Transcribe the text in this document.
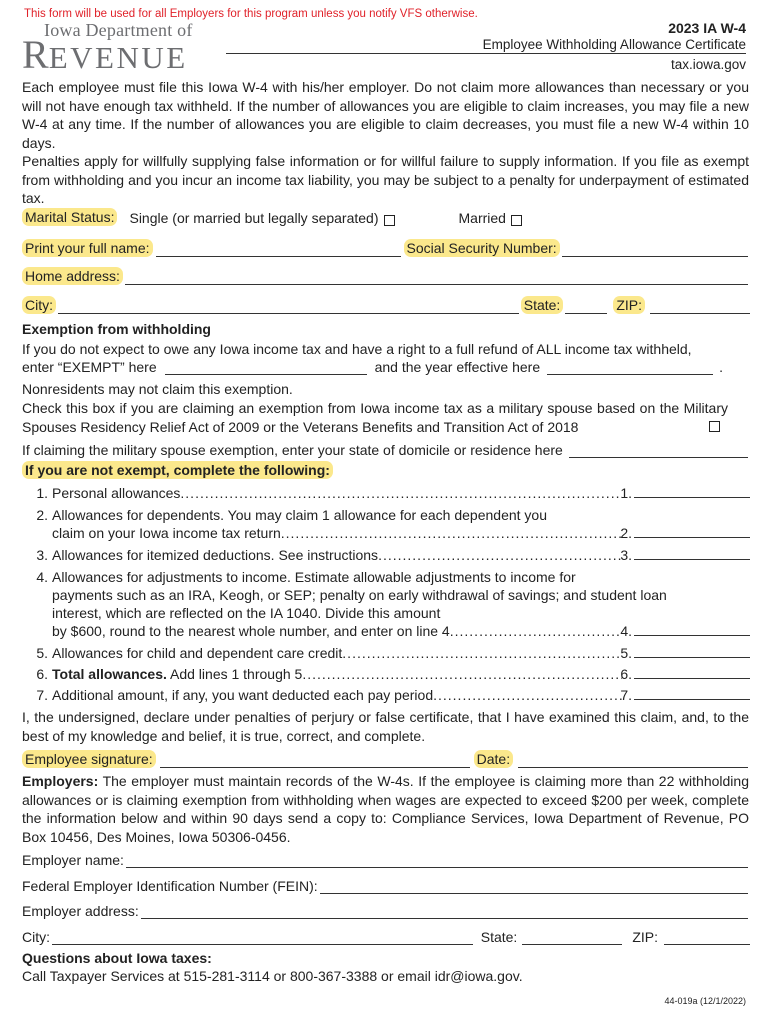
This form will be used for all Employers for this program unless you notify VFS otherwise.
Iowa Department of
REVENUE
2023 IA W-4
Employee Withholding Allowance Certificate
tax.iowa.gov

Each employee must file this Iowa W-4 with his/her employer. Do not claim more allowances than necessary or you will not have enough tax withheld. If the number of allowances you are eligible to claim increases, you may file a new W-4 at any time. If the number of allowances you are eligible to claim decreases, you must file a new W-4 within 10 days.

Penalties apply for willfully supplying false information or for willful failure to supply information. If you file as exempt from withholding and you incur an income tax liability, you may be subject to a penalty for underpayment of estimated tax.

Marital Status: Single (or married but legally separated)	Married
Print your full name:	Social Security Number:
Home address:
City:	State:	ZIP:
Exemption from withholding
If you do not expect to owe any Iowa income tax and have a right to a full refund of ALL income tax withheld,
enter “EXEMPT” here	and the year effective here	.
Nonresidents may not claim this exemption.

Check this box if you are claiming an exemption from Iowa income tax as a military spouse based on the Military Spouses Residency Relief Act of 2009 or the Veterans Benefits and Transition Act of 2018

If claiming the military spouse exemption, enter your state of domicile or residence here
If you are not exempt, complete the following:
1. Personal allowances .....	1.
2. Allowances for dependents. You may claim 1 allowance for each dependent you
claim on your Iowa income tax return .....	2.
3. Allowances for itemized deductions. See instructions .....	3.
4. Allowances for adjustments to income. Estimate allowable adjustments to income for
payments such as an IRA, Keogh, or SEP; penalty on early withdrawal of savings; and student loan
interest, which are reflected on the IA 1040. Divide this amount
by $600, round to the nearest whole number, and enter on line 4 .....	4.
5. Allowances for child and dependent care credit .....	5.
6. Total allowances. Add lines 1 through 5 .....	6.
7. Additional amount, if any, you want deducted each pay period .....	7.

I, the undersigned, declare under penalties of perjury or false certificate, that I have examined this claim, and, to the best of my knowledge and belief, it is true, correct, and complete.

Employee signature:	Date:

Employers: The employer must maintain records of the W-4s. If the employee is claiming more than 22 withholding allowances or is claiming exemption from withholding when wages are expected to exceed $200 per week, complete the information below and within 90 days send a copy to: Compliance Services, Iowa Department of Revenue, PO Box 10456, Des Moines, Iowa 50306-0456.

Employer name:
Federal Employer Identification Number (FEIN):
Employer address:
City:	State:	ZIP:
Questions about Iowa taxes:
Call Taxpayer Services at 515-281-3114 or 800-367-3388 or email idr@iowa.gov.
44-019a (12/1/2022)
